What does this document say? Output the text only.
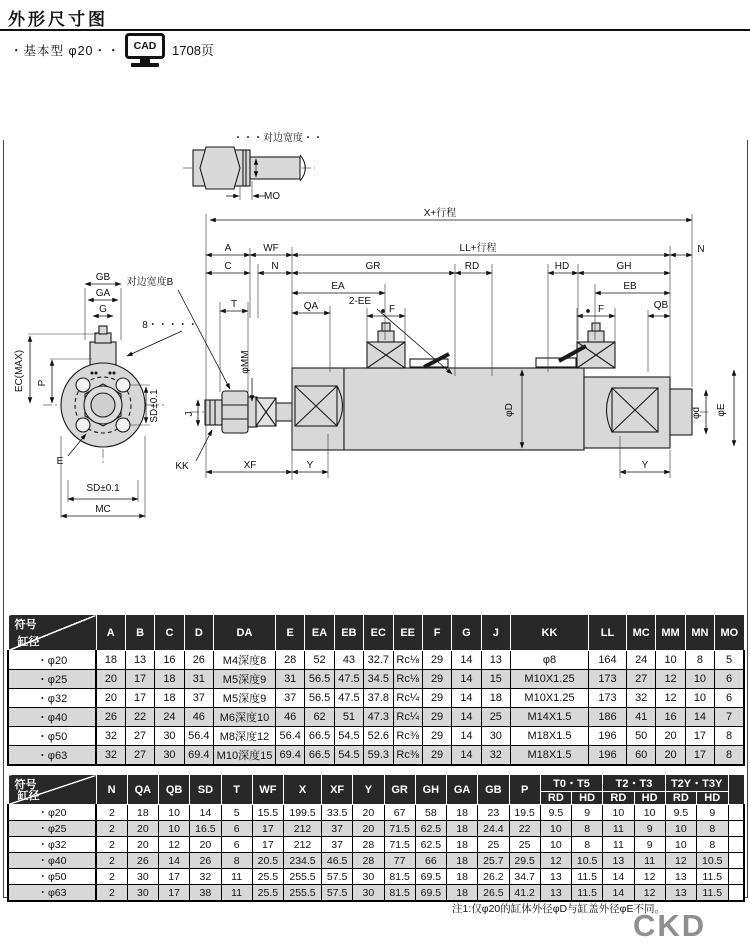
外形尺寸图
・基本型 φ20・・	CAD	1708页
・・・对边宽度・・
MO
X+行程
A	WF	LL+行程	N
C	N	GR	RD	HD	GH
EA	EB
对边宽度B
T	QA	2-EE
F	F	QB
8・・・・・
GB
GA
G
P
EC(MAX)
E
SD±0.1
SD±0.1
MC
J
φMM
KK	XF	Y	Y
φD	φd φE
符号
缸径	A	B	C	D	DA	E	EA	EB	EC	EE	F	G	J	KK	LL	MC	MM	MN	MO
・φ20	18	13	16	26	M4深度8	28	52	43	32.7	Rc⅛	29	14	13	φ8	164	24	10	8	5
・φ25	20	17	18	31	M5深度9	31	56.5	47.5	34.5	Rc⅛	29	14	15	M10X1.25	173	27	12	10	6
・φ32	20	17	18	37	M5深度9	37	56.5	47.5	37.8	Rc¼	29	14	18	M10X1.25	173	32	12	10	6
・φ40	26	22	24	46	M6深度10	46	62	51	47.3	Rc¼	29	14	25	M14X1.5	186	41	16	14	7
・φ50	32	27	30	56.4	M8深度12	56.4	66.5	54.5	52.6	Rc⅜	29	14	30	M18X1.5	196	50	20	17	8
・φ63	32	27	30	69.4	M10深度15	69.4	66.5	54.5	59.3	Rc⅜	29	14	32	M18X1.5	196	60	20	17	8
符号
缸径	N	QA	QB	SD	T	WF	X	XF	Y	GR	GH	GA	GB	P	T0・T5		T2・T3		T2Y・T3Y		
															RD	HD	RD	HD	RD	HD	
・φ20	2	18	10	14	5	15.5	199.5	33.5	20	67	58	18	23	19.5	9.5	9	10	10	9.5	9	
・φ25	2	20	10	16.5	6	17	212	37	20	71.5	62.5	18	24.4	22	10	8	11	9	10	8	
・φ32	2	20	12	20	6	17	212	37	28	71.5	62.5	18	25	25	10	8	11	9	10	8	
・φ40	2	26	14	26	8	20.5	234.5	46.5	28	77	66	18	25.7	29.5	12	10.5	13	11	12	10.5	
・φ50	2	30	17	32	11	25.5	255.5	57.5	30	81.5	69.5	18	26.2	34.7	13	11.5	14	12	13	11.5	
・φ63	2	30	17	38	11	25.5	255.5	57.5	30	81.5	69.5	18	26.5	41.2	13	11.5	14	12	13	11.5	
注1:仅φ20的缸体外径φD与缸盖外径φE不同。
CKD
